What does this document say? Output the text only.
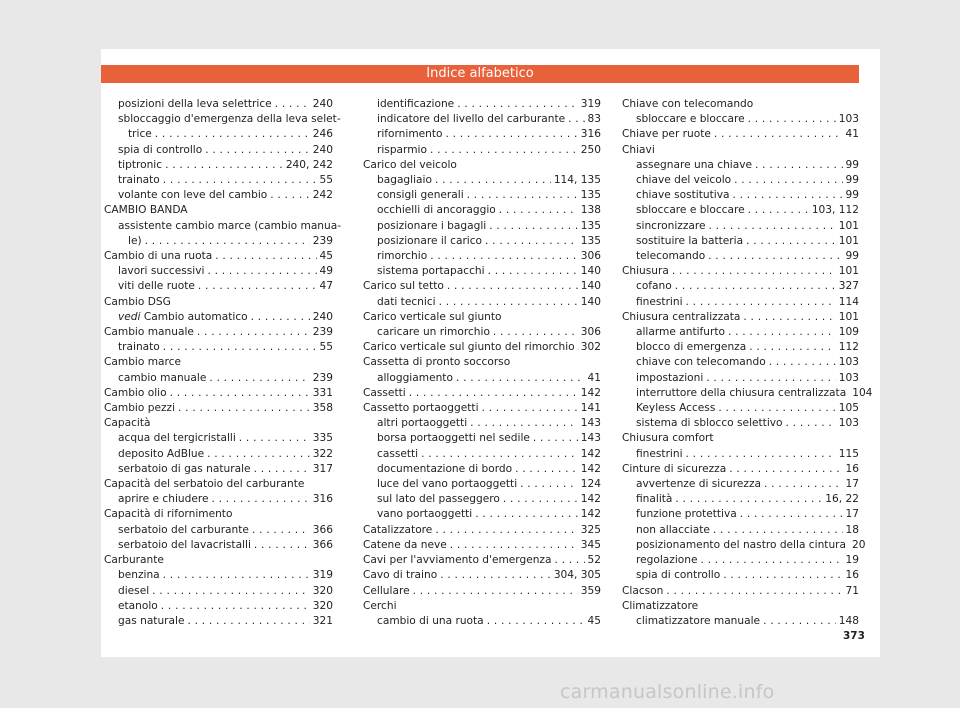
Indice alfabetico
posizioni della leva selettrice . . .	240
sbloccaggio d'emergenza della leva selet-
trice . . .	246
spia di controllo . . .	240
tiptronic . . .	240, 242
trainato . . .	55
volante con leve del cambio . . .	242
CAMBIO BANDA
assistente cambio marce (cambio manua-
le) . . .	239
Cambio di una ruota . . .	45
lavori successivi . . .	49
viti delle ruote . . .	47
Cambio DSG
vedi Cambio automatico . . .	240
Cambio manuale . . .	239
trainato . . .	55
Cambio marce
cambio manuale . . .	239
Cambio olio . . .	331
Cambio pezzi . . .	358
Capacità
acqua del tergicristalli . . .	335
deposito AdBlue . . .	322
serbatoio di gas naturale . . .	317
Capacità del serbatoio del carburante
aprire e chiudere . . .	316
Capacità di rifornimento
serbatoio del carburante . . .	366
serbatoio del lavacristalli . . .	366
Carburante
benzina . . .	319
diesel . . .	320
etanolo . . .	320
gas naturale . . .	321
identificazione . . .	319
indicatore del livello del carburante . . . 83
rifornimento . . .	316
risparmio . . .	250
Carico del veicolo
bagagliaio . . .	114, 135
consigli generali . . .	135
occhielli di ancoraggio . . .	138
posizionare i bagagli . . .	135
posizionare il carico . . .	135
rimorchio . . .	306
sistema portapacchi . . .	140
Carico sul tetto . . .	140
dati tecnici . . .	140
Carico verticale sul giunto
caricare un rimorchio . . .	306
Carico verticale sul giunto del rimorchio . . . 302
Cassetta di pronto soccorso
alloggiamento . . .	41
Cassetti . . .	142
Cassetto portaoggetti . . .	141
altri portaoggetti . . .	143
borsa portaoggetti nel sedile . . .	143
cassetti . . .	142
documentazione di bordo . . .	142
luce del vano portaoggetti . . .	124
sul lato del passeggero . . .	142
vano portaoggetti . . .	142
Catalizzatore . . .	325
Catene da neve . . .	345
Cavi per l'avviamento d'emergenza . . .	52
Cavo di traino . . .	304, 305
Cellulare . . .	359
Cerchi
cambio di una ruota . . .	45
Chiave con telecomando
sbloccare e bloccare . . .	103
Chiave per ruote . . .	41
Chiavi
assegnare una chiave . . .	99
chiave del veicolo . . .	99
chiave sostitutiva . . .	99
sbloccare e bloccare . . .	103, 112
sincronizzare . . .	101
sostituire la batteria . . .	101
telecomando . . .	99
Chiusura . . .	101
cofano . . .	327
finestrini . . .	114
Chiusura centralizzata . . .	101
allarme antifurto . . .	109
blocco di emergenza . . .	112
chiave con telecomando . . .	103
impostazioni . . .	103
interruttore della chiusura centralizzata 104
Keyless Access . . .	105
sistema di sblocco selettivo . . .	103
Chiusura comfort
finestrini . . .	115
Cinture di sicurezza . . .	16
avvertenze di sicurezza . . .	17
finalità . . .	16, 22
funzione protettiva . . .	17
non allacciate . . .	18
posizionamento del nastro della cintura 20
regolazione . . .	19
spia di controllo . . .	16
Clacson . . .	71
Climatizzatore
climatizzatore manuale . . .	148
373
carmanualsonline.info
